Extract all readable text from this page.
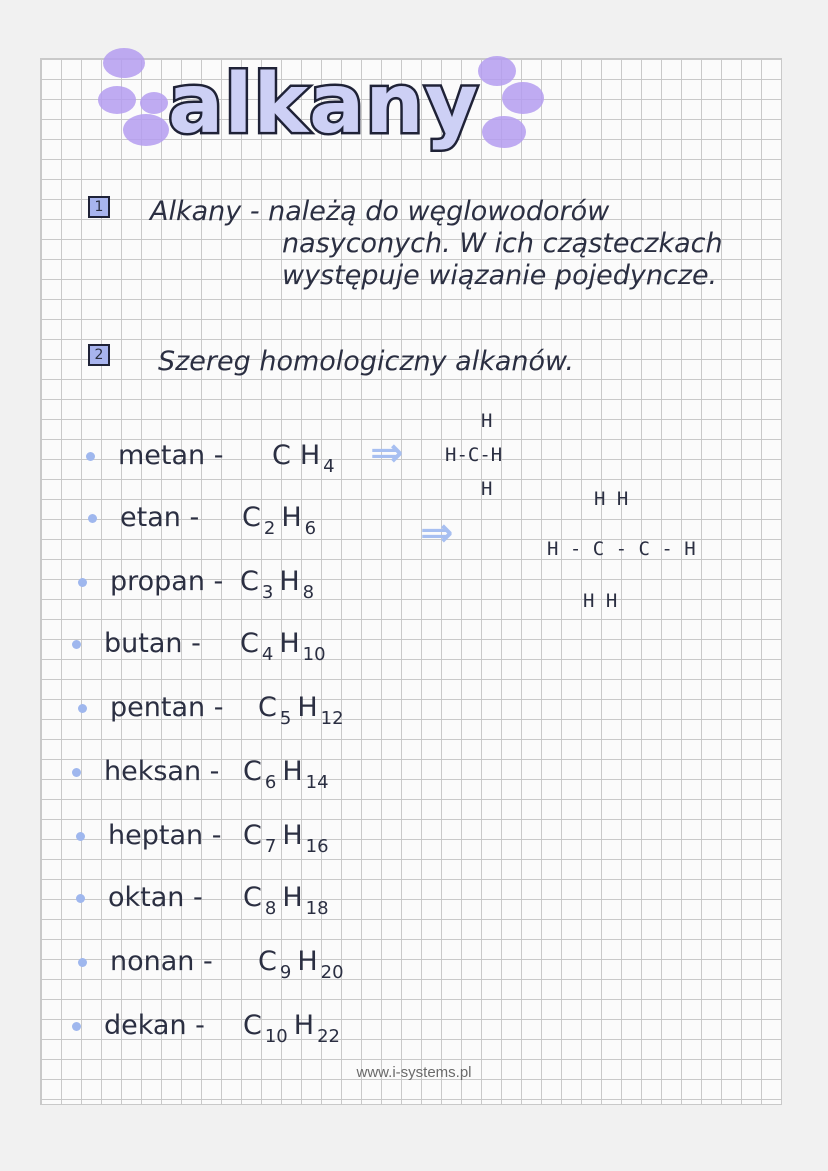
alkany
1 Alkany - należą do węglowodorów
nasyconych. W ich cząsteczkach
występuje wiązanie pojedyncze.
2 Szereg homologiczny alkanów.
metan - C H $_4$
etan - C $_2$ H $_6$
propan - C $_3$ H $_8$
butan - C $_4$ H $_{10}$
pentan - C $_5$ H $_{12}$
heksan - C $_6$ H $_{14}$
heptan - C $_7$ H $_{16}$
oktan - C $_8$ H $_{18}$
nonan - C $_9$ H $_{20}$
dekan - C $_{10}$ H $_{22}$
⇒
⇒
H
H-C-H
H	H H
H - C - C - H
H H
www.i-systems.pl
